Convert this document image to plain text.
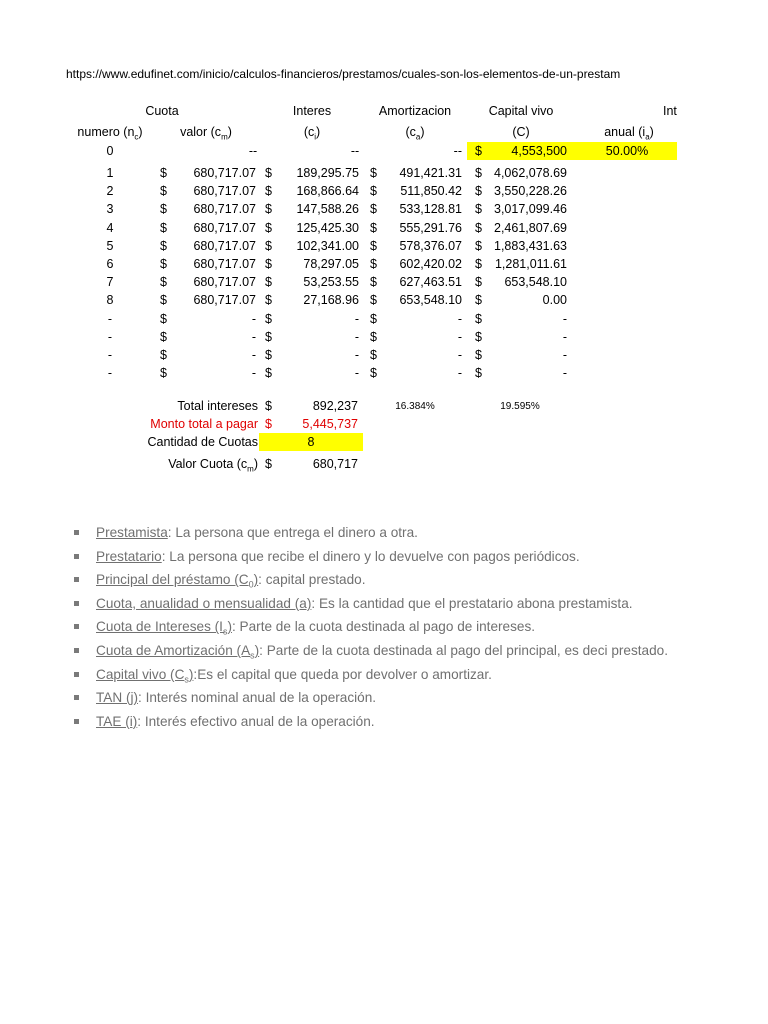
https://www.edufinet.com/inicio/calculos-financieros/prestamos/cuales-son-los-elementos-de-un-prestam
Cuota	Interes	Amortizacion	Capital vivo	Int
numero $(n_c)$	valor $(c_m)$	$(c_i)$	$(c_a)$	(C)	anual $(i_a)$
0	--	--	-- $ 4,553,500	50.00%
1	$	680,717.07 $	189,295.75 $	491,421.31 $ 4,062,078.69
2	$	680,717.07 $	168,866.64 $	511,850.42 $ 3,550,228.26
3	$	680,717.07 $	147,588.26 $	533,128.81 $ 3,017,099.46
4	$	680,717.07 $	125,425.30 $	555,291.76 $ 2,461,807.69
5	$	680,717.07 $	102,341.00 $	578,376.07 $ 1,883,431.63
6	$	680,717.07 $	78,297.05 $	602,420.02 $	1,281,011.61
7	$	680,717.07 $	53,253.55 $	627,463.51 $	653,548.10
8	$	680,717.07 $	27,168.96 $	653,548.10 $	0.00
-	$	- $	- $	- $	-
-	$	- $	- $	- $	-
-	$	- $	- $	- $	-
-	$	- $	- $	- $	-
Total intereses $	892,237	16.384%	19.595%
Monto total a pagar $	5,445,737
Cantidad de Cuotas	8
Valor Cuota $(c_m)$ $	680,717
Prestamista: La persona que entrega el dinero a otra.
Prestatario: La persona que recibe el dinero y lo devuelve con pagos periódicos.
Principal del préstamo $(C_0)$: capital prestado.
Cuota, anualidad o mensualidad (a): Es la cantidad que el prestatario abona prestamista.
Cuota de Intereses $(I_s)$: Parte de la cuota destinada al pago de intereses.
Cuota de Amortización $(A_s)$: Parte de la cuota destinada al pago del principal, es deci prestado.
Capital vivo $(C_s):Es$ el capital que queda por devolver o amortizar.
TAN (j): Interés nominal anual de la operación.
TAE (i): Interés efectivo anual de la operación.
